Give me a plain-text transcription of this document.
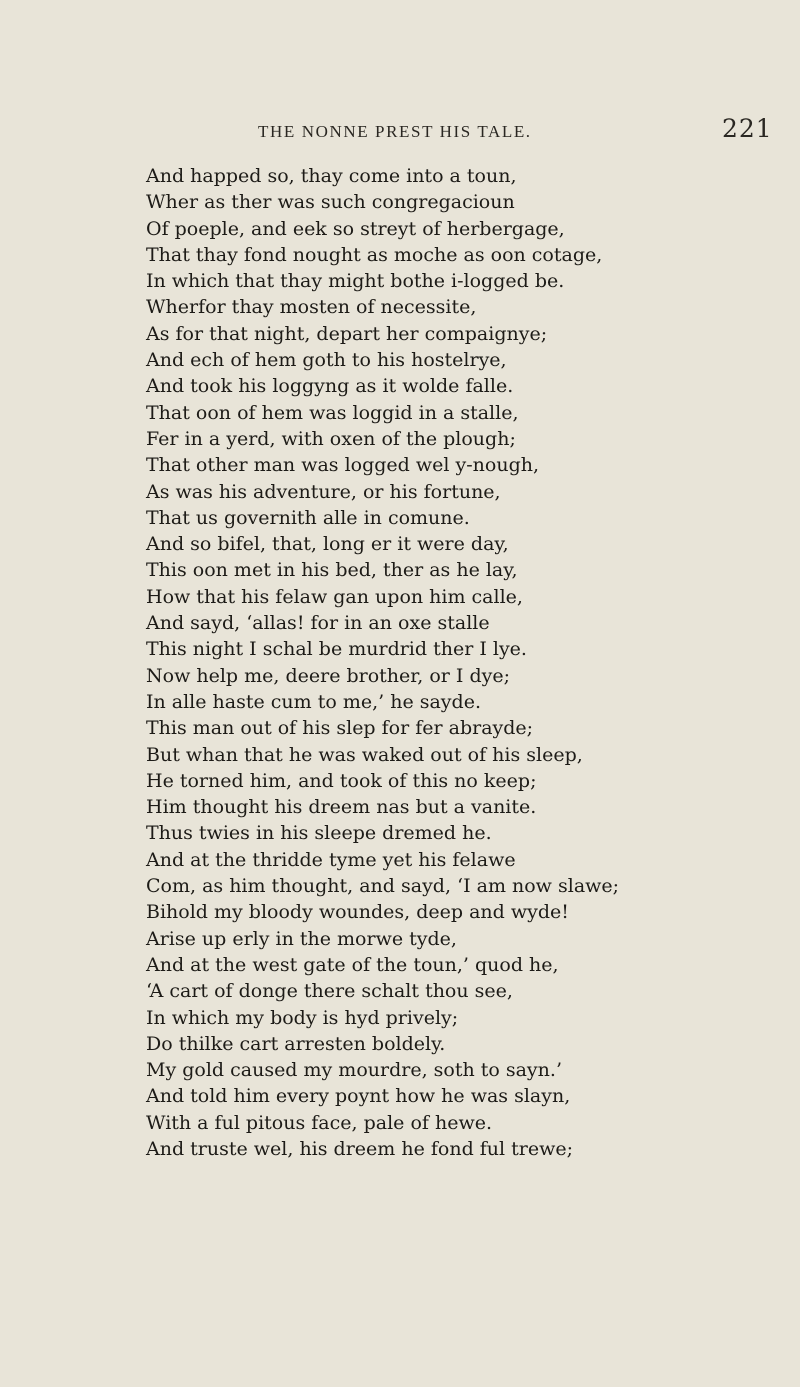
THE NONNE PREST HIS TALE.	221
And happed so, thay come into a toun,
Wher as ther was such congregacioun
Of poeple, and eek so streyt of herbergage,
That thay fond nought as moche as oon cotage,
In which that thay might bothe i-logged be.
Wherfor thay mosten of necessite,
As for that night, depart her compaignye;
And ech of hem goth to his hostelrye,
And took his loggyng as it wolde falle.
That oon of hem was loggid in a stalle,
Fer in a yerd, with oxen of the plough;
That other man was logged wel y-nough,
As was his adventure, or his fortune,
That us governith alle in comune.
And so bifel, that, long er it were day,
This oon met in his bed, ther as he lay,
How that his felaw gan upon him calle,
And sayd, ‘allas! for in an oxe stalle
This night I schal be murdrid ther I lye.
Now help me, deere brother, or I dye;
In alle haste cum to me,’ he sayde.
This man out of his slep for fer abrayde;
But whan that he was waked out of his sleep,
He torned him, and took of this no keep;
Him thought his dreem nas but a vanite.
Thus twies in his sleepe dremed he.
And at the thridde tyme yet his felawe
Com, as him thought, and sayd, ‘I am now slawe;
Bihold my bloody woundes, deep and wyde!
Arise up erly in the morwe tyde,
And at the west gate of the toun,’ quod he,
‘A cart of donge there schalt thou see,
In which my body is hyd prively;
Do thilke cart arresten boldely.
My gold caused my mourdre, soth to sayn.’
And told him every poynt how he was slayn,
With a ful pitous face, pale of hewe.
And truste wel, his dreem he fond ful trewe;
